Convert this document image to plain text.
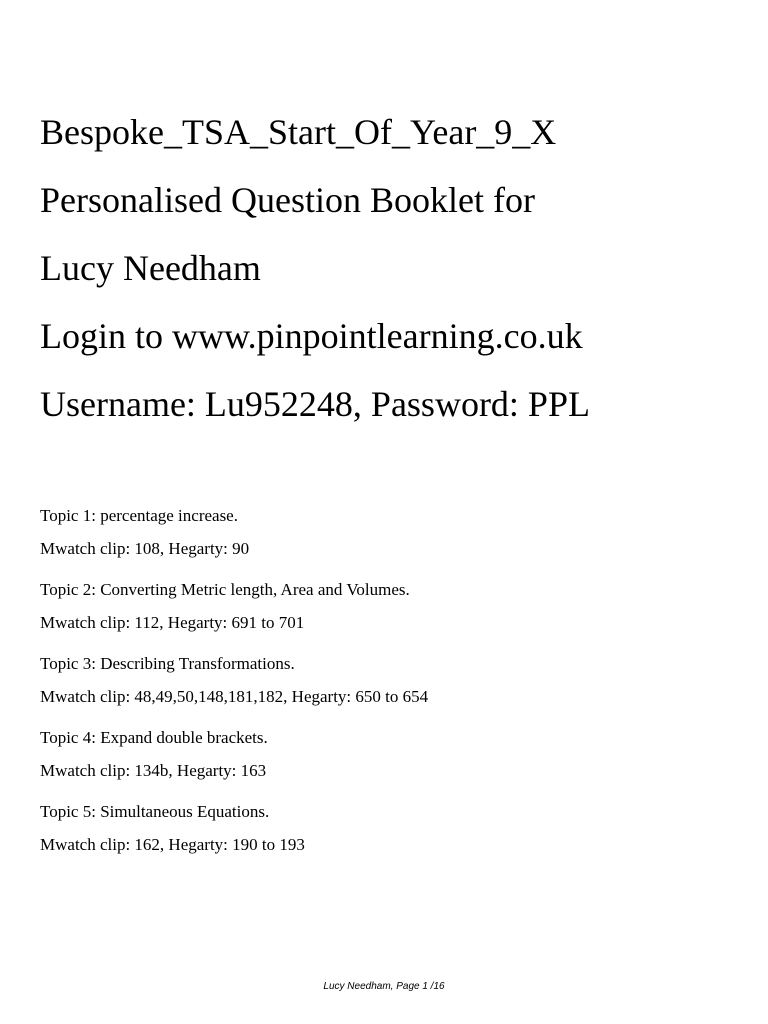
Bespoke_TSA_Start_Of_Year_9_X
Personalised Question Booklet for
Lucy Needham
Login to www.pinpointlearning.co.uk
Username: Lu952248, Password: PPL

Topic 1: percentage increase.

Mwatch clip: 108, Hegarty: 90

Topic 2: Converting Metric length, Area and Volumes.

Mwatch clip: 112, Hegarty: 691 to 701

Topic 3: Describing Transformations.

Mwatch clip: 48,49,50,148,181,182, Hegarty: 650 to 654

Topic 4: Expand double brackets.

Mwatch clip: 134b, Hegarty: 163

Topic 5: Simultaneous Equations.

Mwatch clip: 162, Hegarty: 190 to 193

Lucy Needham, Page 1 /16
